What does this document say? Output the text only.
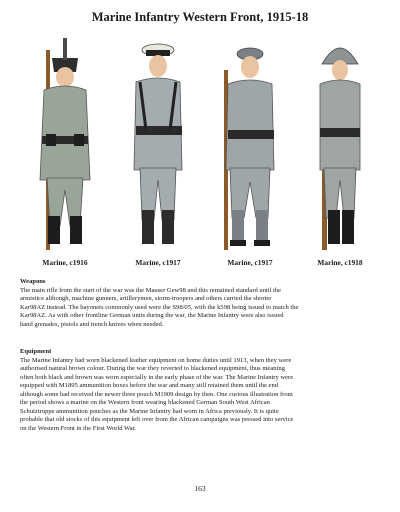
Marine Infantry Western Front, 1915-18
Marine, c1916	Marine, c1917	Marine, c1917	Marine, c1918
Weapons
The main rifle from the start of the war was the Mauser Gew98 and this remained standard until the
armistice although, machine gunners, artillerymen, storm-troopers and others carried the shorter
Kar98AZ instead. The bayonets commonly used were the S98/05, with the k598 being issued to match the
Kar98AZ. As with other frontline German units during the war, the Marine Infantry were also issued
hand grenades, pistols and trench knives when needed.
Equipment
The Marine Infantry had worn blackened leather equipment on home duties until 1913, when they were
authorised natural brown colour. During the war they reverted to blackened equipment, thus meaning
often both black and brown was worn especially in the early phase of the war. The Marine Infantry were
equipped with M1895 ammunition boxes before the war and many still retained them until the end
although some had received the newer three pouch M1909 design by then. One curious illustration from
the period shows a marine on the Western front wearing blackened German South West African
Schutztruppe ammunition pouches as the Marine Infantry had worn in Africa previously. It is quite
probable that old stocks of this equipment left over from the African campaigns was pressed into service
on the Western Front in the First World War.
163
